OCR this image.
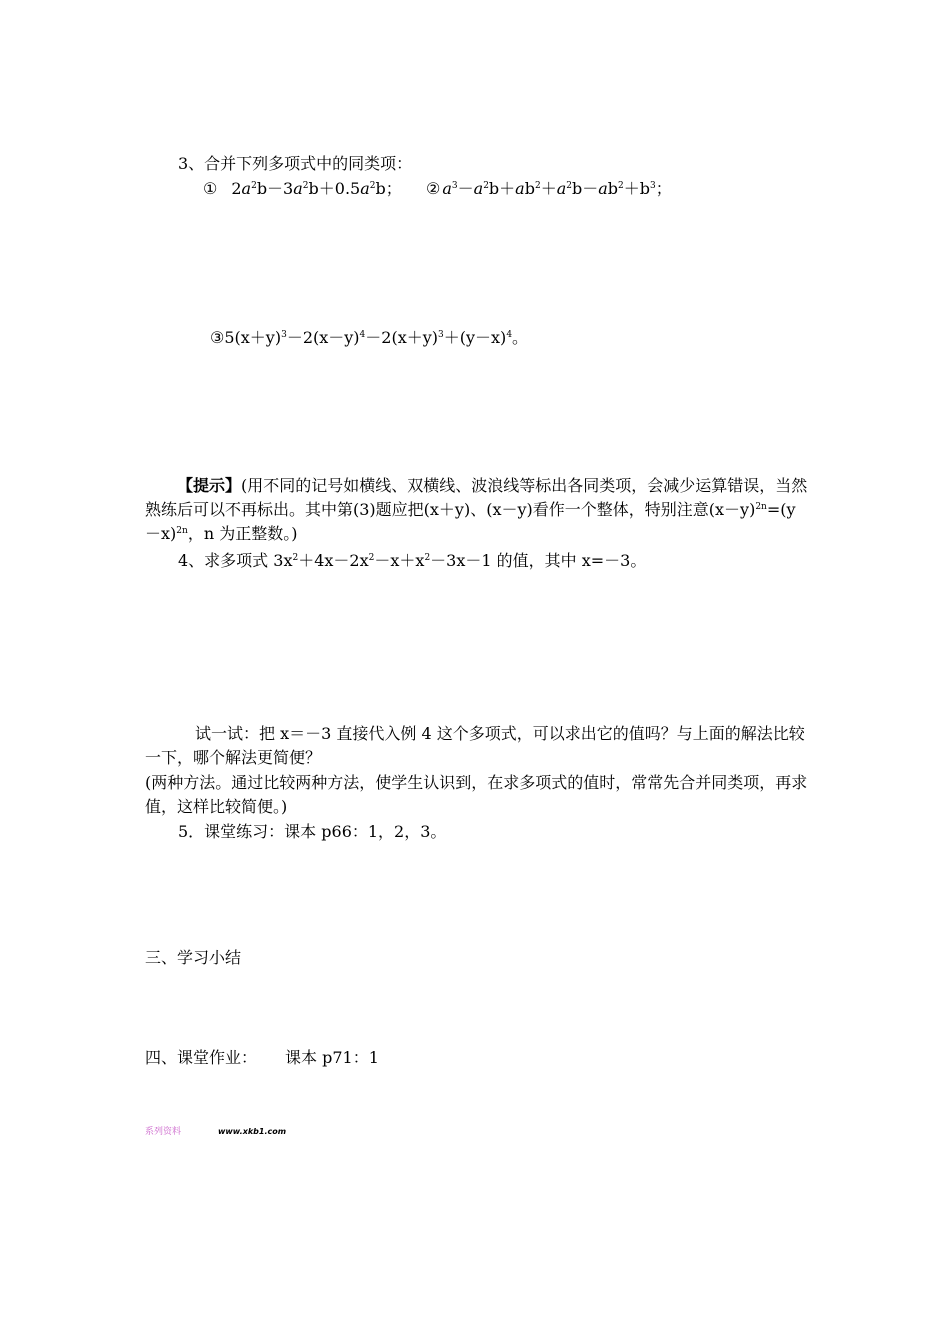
3、合并下列多项式中的同类项：
① $2a^2b-3a^2b+0.5a^2b$； ② $a^3-a^2b+ab^2+a^2b-ab^2+b^3$；
$③5(x+y)^3-2(x-y)^4-2(x+y)^3+(y-x)^4$。
【提示】(用不同的记号如横线、双横线、波浪线等标出各同类项，会减少运算错误，当然熟练后可以不再标出。其中第(3)题应把(x＋y)、(x－y)看作一个整体，特别注意$(x-y)^{2n}=(y-x)^{2n}$，n 为正整数。)
4、求多项式 $3x^2+4x-2x^2-x+x^2-3x-1$ 的值，其中 x=－3。
试一试：把 x＝－3 直接代入例 4 这个多项式，可以求出它的值吗？与上面的解法比较一下，哪个解法更简便？
(两种方法。通过比较两种方法，使学生认识到，在求多项式的值时，常常先合并同类项，再求值，这样比较简便。)
5．课堂练习：课本 p66：1，2，3。
三、学习小结
四、课堂作业： 课本 p71：1
系列资料	www.xkb1.com
